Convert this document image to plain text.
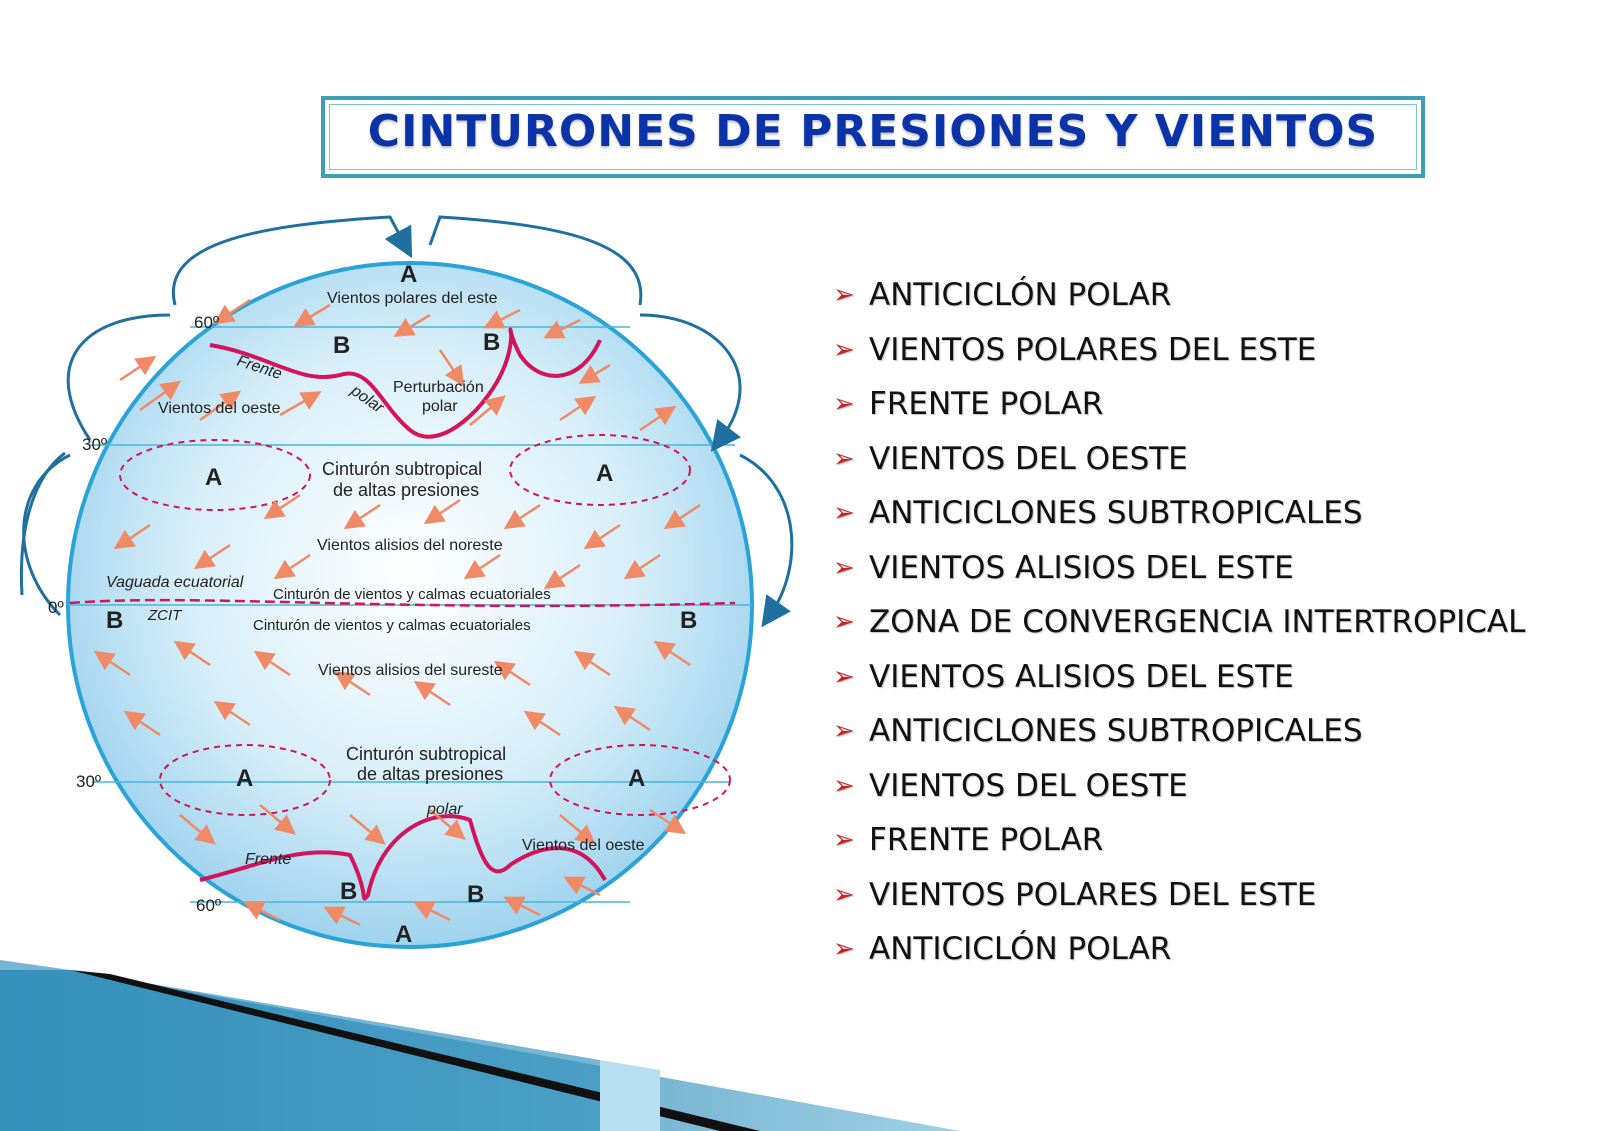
CINTURONES DE PRESIONES Y VIENTOS
60º
30º
0º
30º
60º
A
B	B
A	A
B	B
A	A
B	B
A
Vientos polares del este
Frente
polar Perturbación
polar
Vientos del oeste
Cinturón subtropical
de altas presiones
Vientos alisios del noreste
Vaguada ecuatorial
Cinturón de vientos y calmas ecuatoriales
ZCIT
Cinturón de vientos y calmas ecuatoriales
Vientos alisios del sureste
Cinturón subtropical
de altas presiones
polar
Vientos del oeste
Frente
➢ ANTICICLÓN POLAR
➢ VIENTOS POLARES DEL ESTE
➢ FRENTE POLAR
➢ VIENTOS DEL OESTE
➢ ANTICICLONES SUBTROPICALES
➢ VIENTOS ALISIOS DEL ESTE
➢ ZONA DE CONVERGENCIA INTERTROPICAL
➢ VIENTOS ALISIOS DEL ESTE
➢ ANTICICLONES SUBTROPICALES
➢ VIENTOS DEL OESTE
➢ FRENTE POLAR
➢ VIENTOS POLARES DEL ESTE
➢ ANTICICLÓN POLAR
